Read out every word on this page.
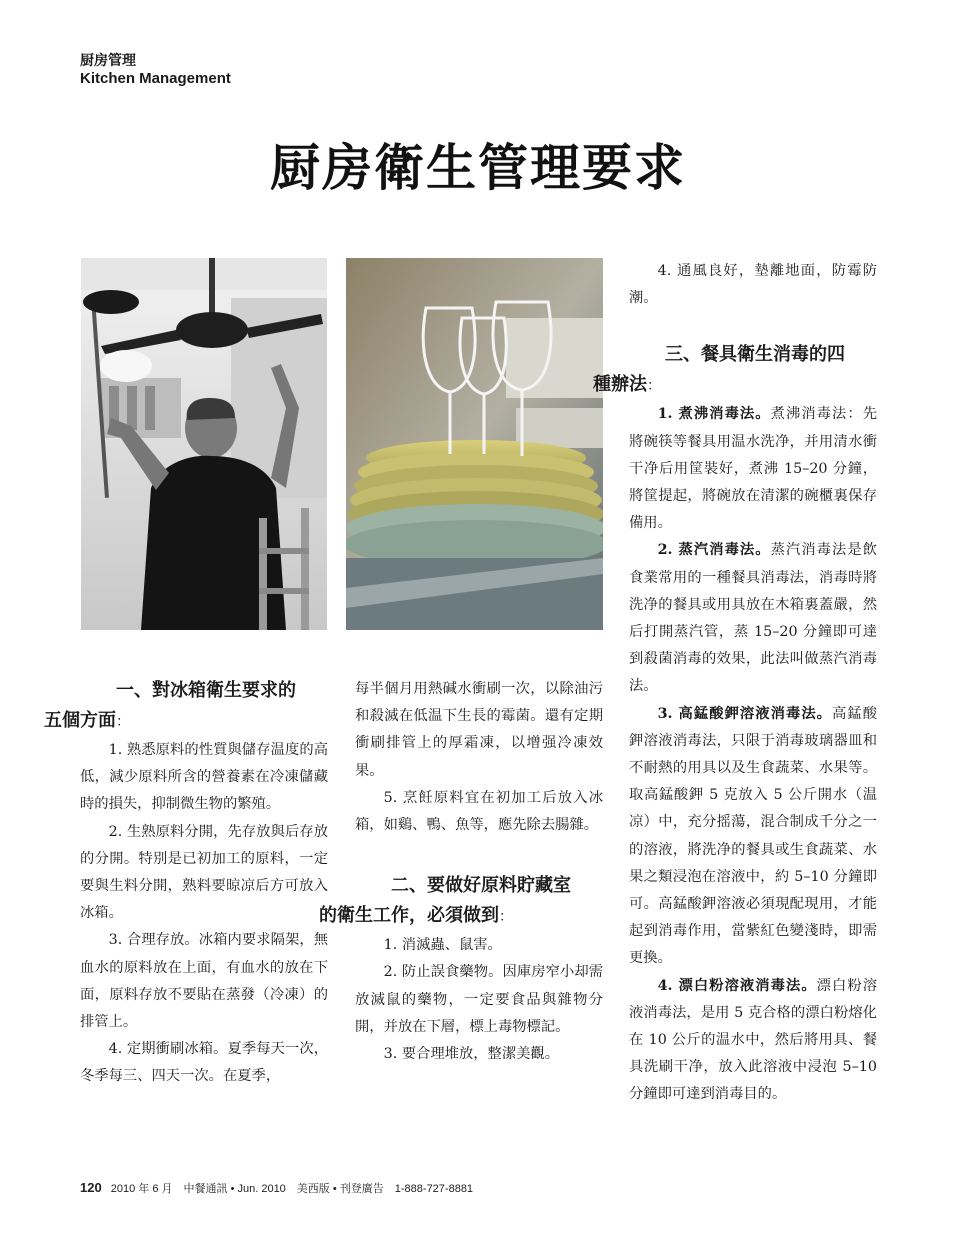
厨房管理
Kitchen Management
厨房衛生管理要求
一、對冰箱衛生要求的
五個方面：

1. 熟悉原料的性質與儲存温度的高低，減少原料所含的營養素在冷凍儲藏時的損失，抑制微生物的繁殖。

2. 生熟原料分開，先存放與后存放的分開。特別是已初加工的原料，一定要與生料分開，熟料要晾凉后方可放入冰箱。

3. 合理存放。冰箱内要求隔架，無血水的原料放在上面，有血水的放在下面，原料存放不要貼在蒸發（冷凍）的排管上。

4. 定期衝刷冰箱。夏季每天一次，冬季每三、四天一次。在夏季，

每半個月用熱碱水衝刷一次，以除油污和殺滅在低温下生長的霉菌。還有定期衝刷排管上的厚霜凍，以增强冷凍效果。

5. 烹飪原料宜在初加工后放入冰箱，如鷄、鴨、魚等，應先除去腸雜。

二、要做好原料貯藏室
的衛生工作，必須做到：

1. 消滅蟲、鼠害。

2. 防止誤食藥物。因庫房窄小却需放滅鼠的藥物，一定要食品與雜物分開，并放在下層，標上毒物標記。

3. 要合理堆放，整潔美觀。

4. 通風良好，墊離地面，防霉防潮。

三、餐具衛生消毒的四
種辦法：

1. 煮沸消毒法。煮沸消毒法：先將碗筷等餐具用温水洗净，并用清水衝干净后用筐裝好，煮沸 15–20 分鐘，將筐提起，將碗放在清潔的碗櫃裏保存備用。

2. 蒸汽消毒法。蒸汽消毒法是飲食業常用的一種餐具消毒法，消毒時將洗净的餐具或用具放在木箱裏蓋嚴，然后打開蒸汽管，蒸 15–20 分鐘即可達到殺菌消毒的效果，此法叫做蒸汽消毒法。

3. 高錳酸鉀溶液消毒法。高錳酸鉀溶液消毒法，只限于消毒玻璃器皿和不耐熱的用具以及生食蔬菜、水果等。取高錳酸鉀 5 克放入 5 公斤開水（温凉）中，充分摇蕩，混合制成千分之一的溶液，將洗净的餐具或生食蔬菜、水果之類浸泡在溶液中，約 5–10 分鐘即可。高錳酸鉀溶液必須現配現用，才能起到消毒作用，當紫紅色變淺時，即需更換。

4. 漂白粉溶液消毒法。漂白粉溶液消毒法，是用 5 克合格的漂白粉熔化在 10 公斤的温水中，然后將用具、餐具洗刷干净，放入此溶液中浸泡 5–10 分鐘即可達到消毒目的。

120 2010 年 6 月　中餐通訊 • Jun. 2010　美西版 • 刊登廣告　1-888-727-8881
